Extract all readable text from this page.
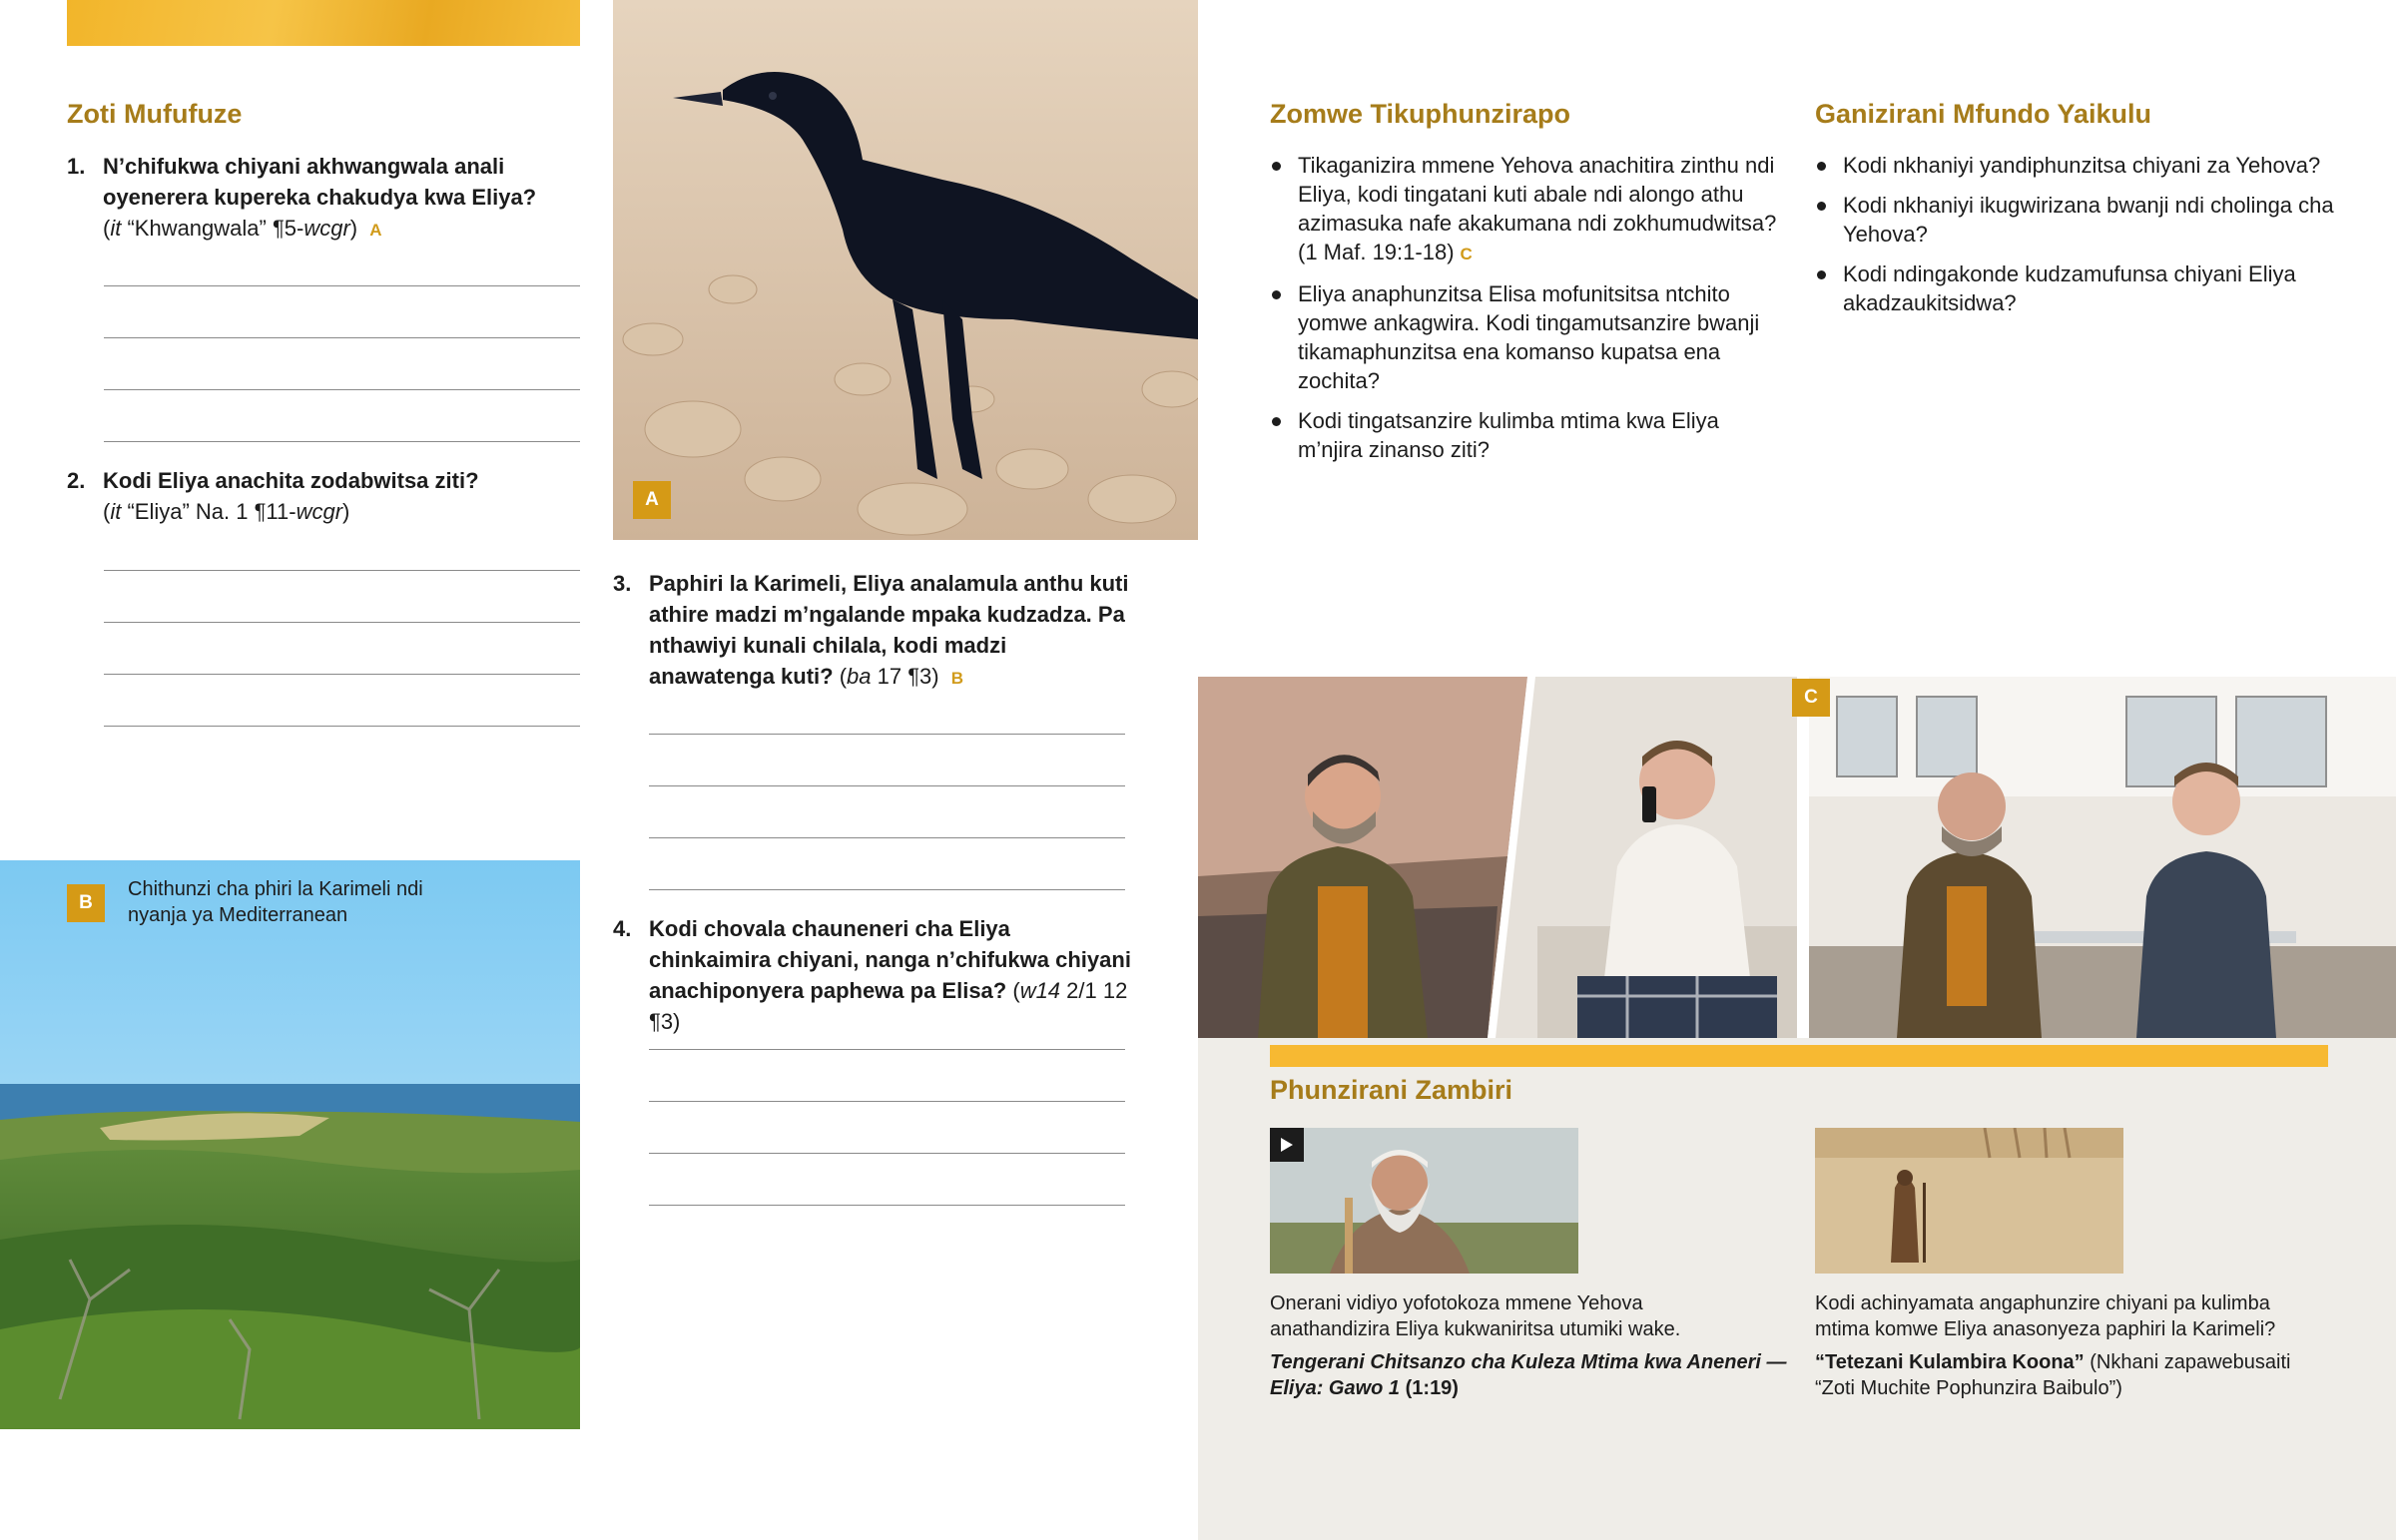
Zoti Mufufuze
1. N’chifukwa chiyani akhwangwala anali oyenerera kupereka chakudya kwa Eliya?
(it “Khwangwala” ¶5-wcgr) A
2. Kodi Eliya anachita zodabwitsa ziti?
(it “Eliya” Na. 1 ¶11-wcgr)
B
Chithunzi cha phiri la Karimeli ndi nyanja ya Mediterranean
A
3. Paphiri la Karimeli, Eliya analamula anthu kuti athire madzi m’ngalande mpaka kudzadza. Pa nthawiyi kunali chilala, kodi madzi anawatenga kuti? (ba 17 ¶3) B
4. Kodi chovala chauneneri cha Eliya chinkaimira chiyani, nanga n’chifukwa chiyani anachiponyera paphewa pa Elisa? (w14 2/1 12 ¶3)
Zomwe Tikuphunzirapo
Tikaganizira mmene Yehova anachitira zinthu ndi Eliya, kodi tingatani kuti abale ndi alongo athu azimasuka nafe akakumana ndi zokhumudwitsa? (1 Maf. 19:1-18) C
Eliya anaphunzitsa Elisa mofunitsitsa ntchito yomwe ankagwira. Kodi tingamutsanzire bwanji tikamaphunzitsa ena komanso kupatsa ena zochita?
Kodi tingatsanzire kulimba mtima kwa Eliya m’njira zinanso ziti?
Ganizirani Mfundo Yaikulu
Kodi nkhaniyi yandiphunzitsa chiyani za Yehova?
Kodi nkhaniyi ikugwirizana bwanji ndi cholinga cha Yehova?
Kodi ndingakonde kudzamufunsa chiyani Eliya akadzaukitsidwa?
C
Phunzirani Zambiri
Onerani vidiyo yofotokoza mmene Yehova anathandizira Eliya kukwaniritsa utumiki wake.
Tengerani Chitsanzo cha Kuleza Mtima kwa Aneneri —Eliya: Gawo 1 (1:19)
Kodi achinyamata angaphunzire chiyani pa kulimba mtima komwe Eliya anasonyeza paphiri la Karimeli?
“Tetezani Kulambira Koona” (Nkhani zapawebusaiti “Zoti Muchite Pophunzira Baibulo”)
